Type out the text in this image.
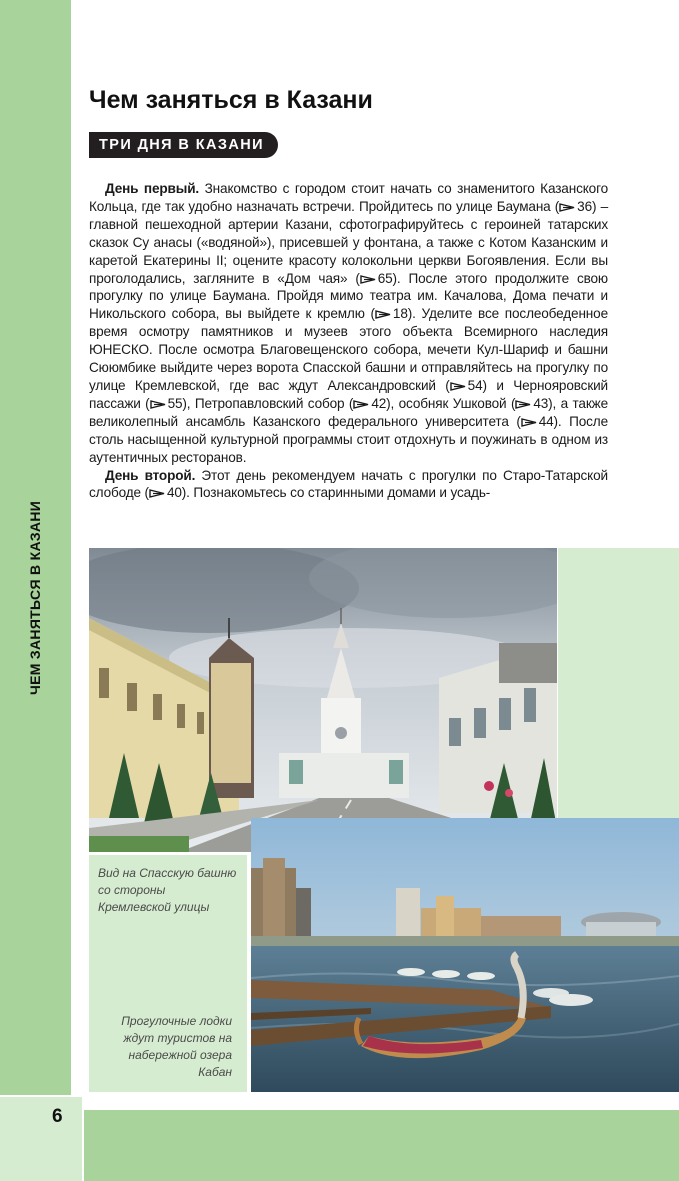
ЧЕМ ЗАНЯТЬСЯ В КАЗАНИ
6
Чем заняться в Казани
ТРИ ДНЯ В КАЗАНИ

День первый. Знакомство с городом стоит начать со знаменитого Казанского Кольца, где так удобно назначать встречи. Пройдитесь по улице Баумана ( 36) – главной пешеходной артерии Казани, сфотографируйтесь с героиней татарских сказок Су анасы («водяной»), присевшей у фонтана, а также с Котом Казанским и каретой Екатерины II; оцените красоту колокольни церкви Богоявления. Если вы проголодались, загляните в «Дом чая» ( 65). После этого продолжите свою прогулку по улице Баумана. Пройдя мимо театра им. Качалова, Дома печати и Никольского собора, вы выйдете к кремлю ( 18). Уделите все послеобеденное время осмотру памятников и музеев этого объекта Всемирного наследия ЮНЕСКО. После осмотра Благовещенского собора, мечети Кул-Шариф и башни Сююмбике выйдите через ворота Спасской башни и отправляйтесь на прогулку по улице Кремлевской, где вас ждут Александровский ( 54) и Чернояровский пассажи ( 55), Петропавловский собор ( 42), особняк Ушковой ( 43), а также великолепный ансамбль Казанского федерального университета ( 44). После столь насыщенной культурной программы стоит отдохнуть и поужинать в одном из аутентичных ресторанов.

День второй. Этот день рекомендуем начать с прогулки по Старо-Татарской слободе ( 40). Познакомьтесь со старинными домами и усадь-

Вид на Спасскую башню со стороны Кремлевской улицы
Прогулочные лодки ждут туристов на набережной озера Кабан
